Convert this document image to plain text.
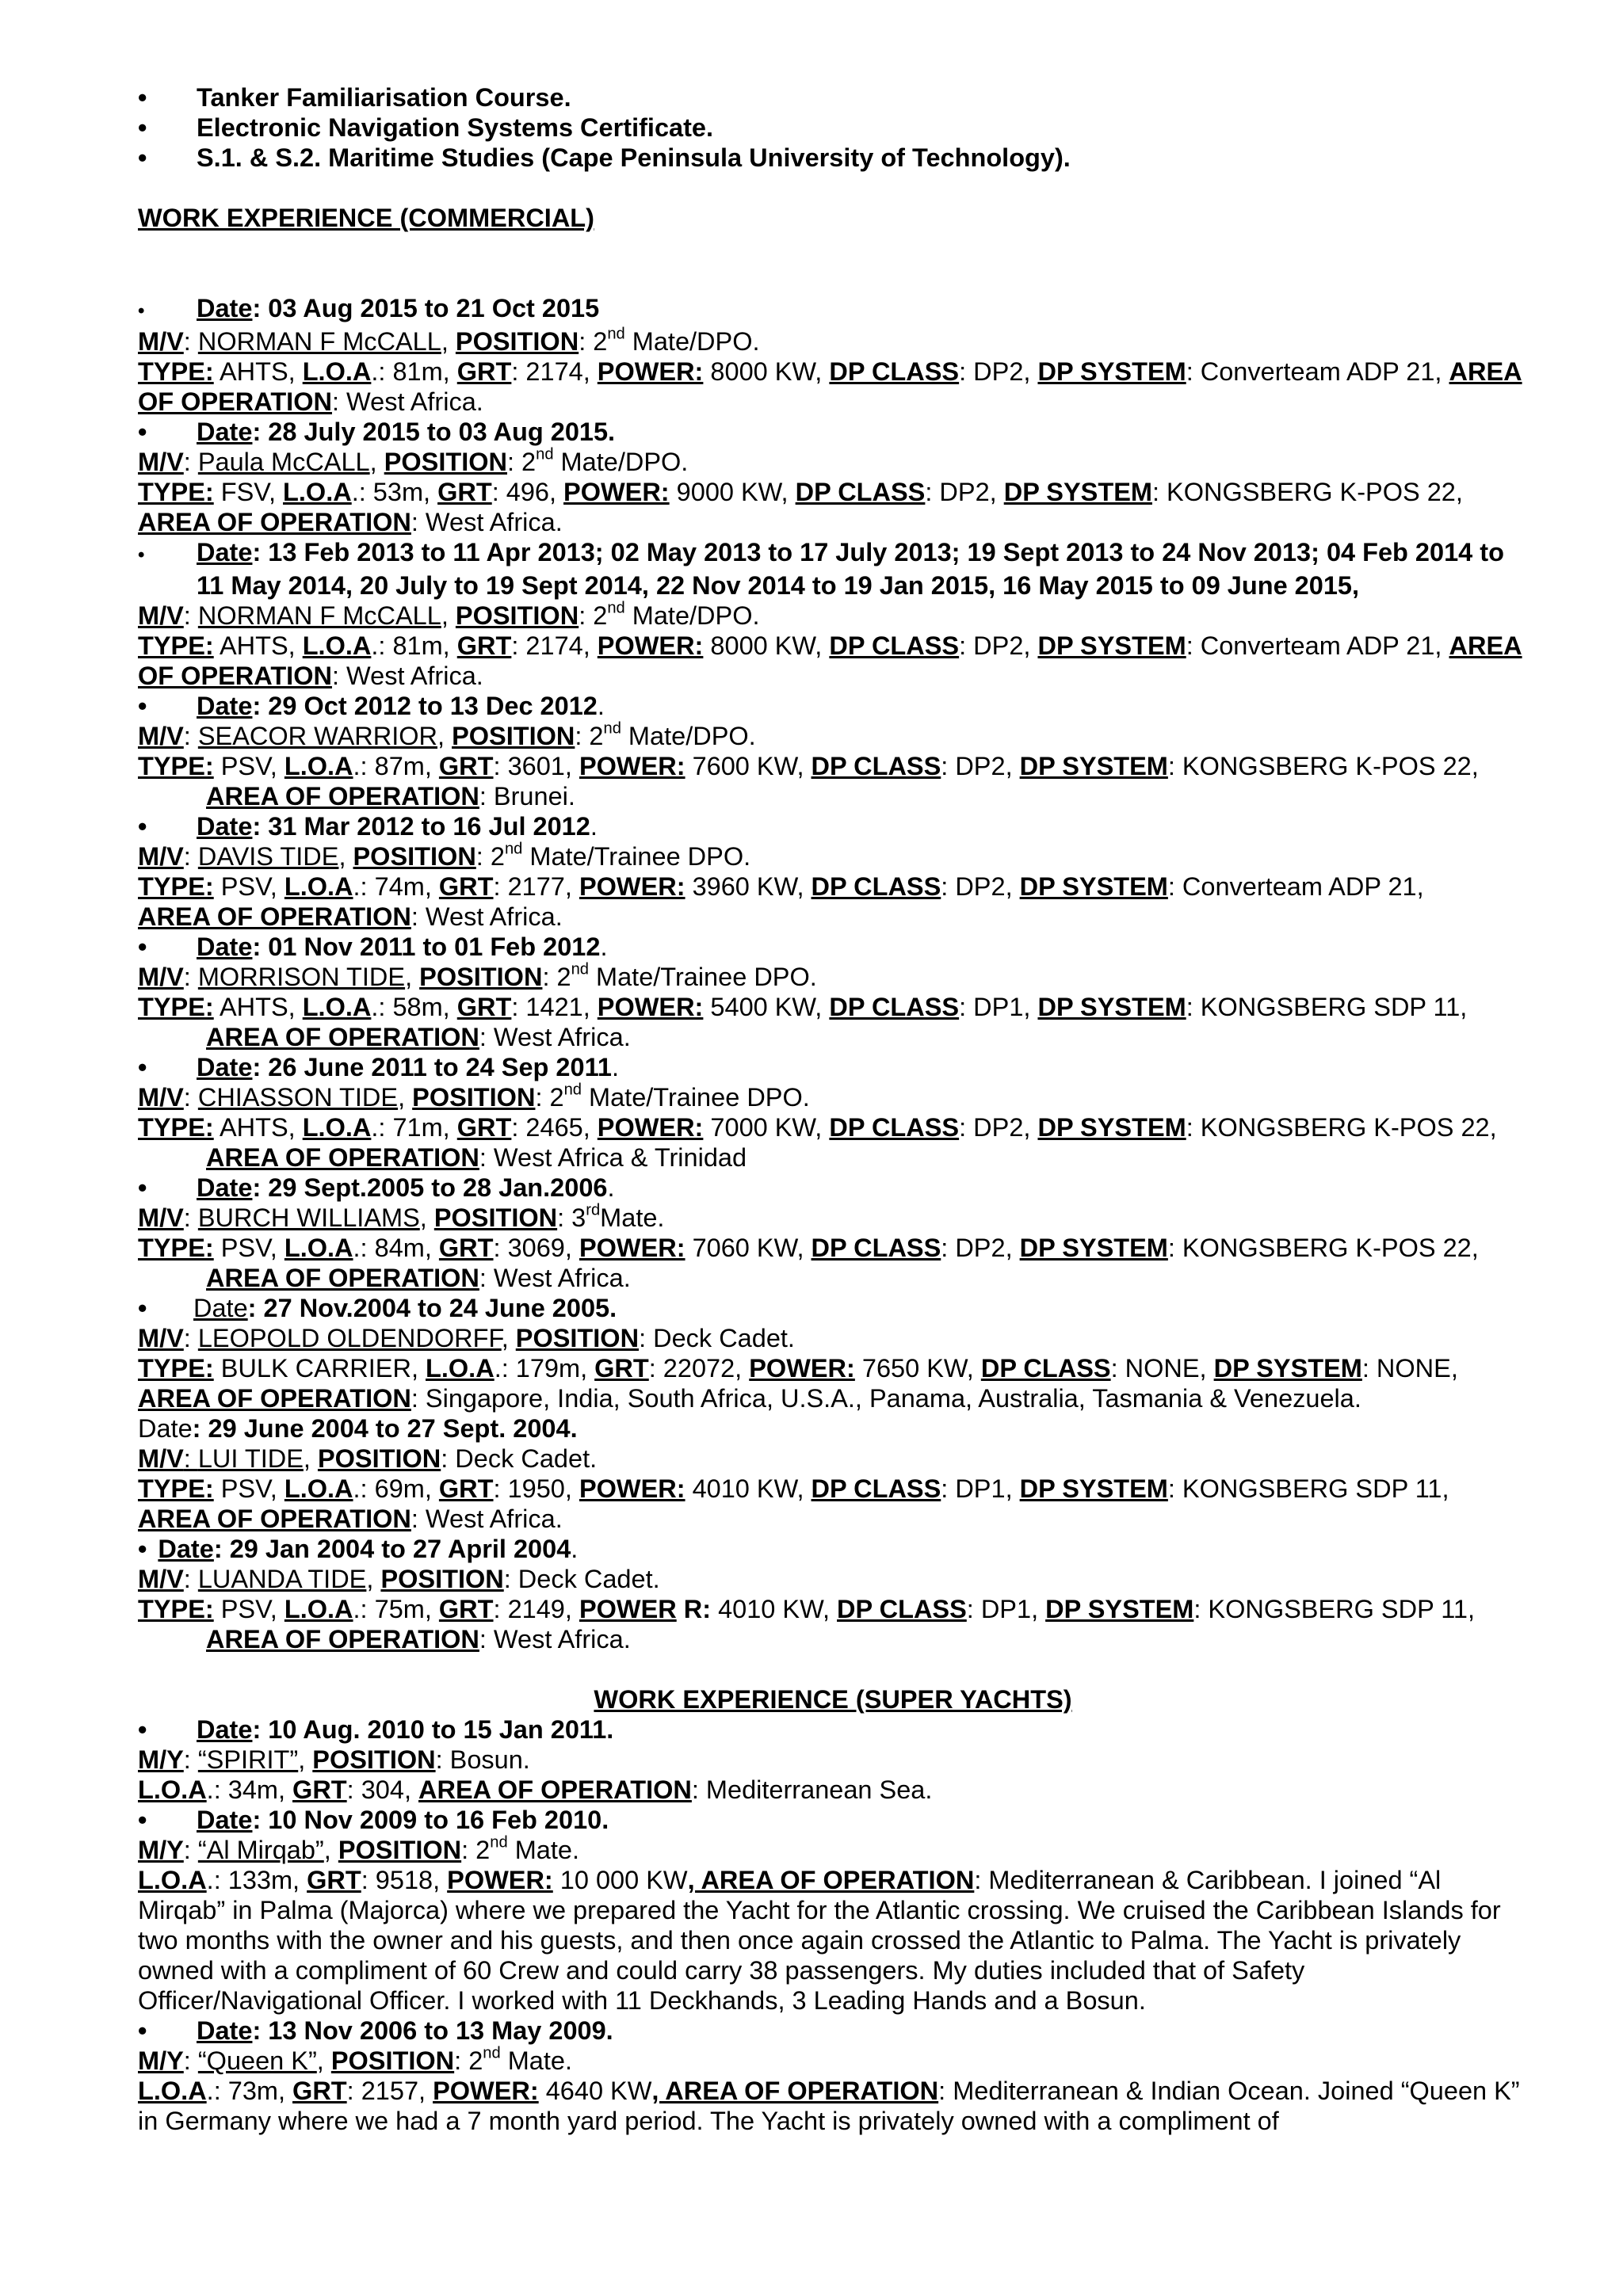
• Tanker Familiarisation Course.

• Electronic Navigation Systems Certificate.

• S.1. & S.2. Maritime Studies (Cape Peninsula University of Technology).

WORK EXPERIENCE (COMMERCIAL)

• Date: 03 Aug 2015 to 21 Oct 2015

M/V: NORMAN F McCALL, POSITION: 2nd Mate/DPO.

TYPE: AHTS, L.O.A.: 81m, GRT: 2174, POWER: 8000 KW, DP CLASS: DP2, DP SYSTEM: Converteam ADP 21, AREA OF OPERATION: West Africa.

• Date: 28 July 2015 to 03 Aug 2015.

M/V: Paula McCALL, POSITION: 2nd Mate/DPO.

TYPE: FSV, L.O.A.: 53m, GRT: 496, POWER: 9000 KW, DP CLASS: DP2, DP SYSTEM: KONGSBERG K-POS 22, AREA OF OPERATION: West Africa.

• Date: 13 Feb 2013 to 11 Apr 2013; 02 May 2013 to 17 July 2013; 19 Sept 2013 to 24 Nov 2013; 04 Feb 2014 to 11 May 2014, 20 July to 19 Sept 2014, 22 Nov 2014 to 19 Jan 2015, 16 May 2015 to 09 June 2015,

M/V: NORMAN F McCALL, POSITION: 2nd Mate/DPO.

TYPE: AHTS, L.O.A.: 81m, GRT: 2174, POWER: 8000 KW, DP CLASS: DP2, DP SYSTEM: Converteam ADP 21, AREA OF OPERATION: West Africa.

• Date: 29 Oct 2012 to 13 Dec 2012.

M/V: SEACOR WARRIOR, POSITION: 2nd Mate/DPO.

TYPE: PSV, L.O.A.: 87m, GRT: 3601, POWER: 7600 KW, DP CLASS: DP2, DP SYSTEM: KONGSBERG K-POS 22,AREA OF OPERATION: Brunei.

• Date: 31 Mar 2012 to 16 Jul 2012.

M/V: DAVIS TIDE, POSITION: 2nd Mate/Trainee DPO.

TYPE: PSV, L.O.A.: 74m, GRT: 2177, POWER: 3960 KW, DP CLASS: DP2, DP SYSTEM: Converteam ADP 21,AREA OF OPERATION: West Africa.

• Date: 01 Nov 2011 to 01 Feb 2012.

M/V: MORRISON TIDE, POSITION: 2nd Mate/Trainee DPO.

TYPE: AHTS, L.O.A.: 58m, GRT: 1421, POWER: 5400 KW, DP CLASS: DP1, DP SYSTEM: KONGSBERG SDP 11,AREA OF OPERATION: West Africa.

• Date: 26 June 2011 to 24 Sep 2011.

M/V: CHIASSON TIDE, POSITION: 2nd Mate/Trainee DPO.

TYPE: AHTS, L.O.A.: 71m, GRT: 2465, POWER: 7000 KW, DP CLASS: DP2, DP SYSTEM: KONGSBERG K-POS 22,AREA OF OPERATION: West Africa & Trinidad

• Date: 29 Sept.2005 to 28 Jan.2006.

M/V: BURCH WILLIAMS, POSITION: 3rdMate.

TYPE: PSV, L.O.A.: 84m, GRT: 3069, POWER: 7060 KW, DP CLASS: DP2, DP SYSTEM: KONGSBERG K-POS 22,AREA OF OPERATION: West Africa.

• Date: 27 Nov.2004 to 24 June 2005.

M/V: LEOPOLD OLDENDORFF, POSITION: Deck Cadet.

TYPE: BULK CARRIER, L.O.A.: 179m, GRT: 22072, POWER: 7650 KW, DP CLASS: NONE, DP SYSTEM: NONE,AREA OF OPERATION: Singapore, India, South Africa, U.S.A., Panama, Australia, Tasmania & Venezuela.

Date: 29 June 2004 to 27 Sept. 2004.

M/V: LUI TIDE, POSITION: Deck Cadet.

TYPE: PSV, L.O.A.: 69m, GRT: 1950, POWER: 4010 KW, DP CLASS: DP1, DP SYSTEM: KONGSBERG SDP 11,AREA OF OPERATION: West Africa.

• Date: 29 Jan 2004 to 27 April 2004.

M/V: LUANDA TIDE, POSITION: Deck Cadet.

TYPE: PSV, L.O.A.: 75m, GRT: 2149, POWER R: 4010 KW, DP CLASS: DP1, DP SYSTEM: KONGSBERG SDP 11,AREA OF OPERATION: West Africa.

WORK EXPERIENCE (SUPER YACHTS)

• Date: 10 Aug. 2010 to 15 Jan 2011.

M/Y: “SPIRIT”, POSITION: Bosun.

L.O.A.: 34m, GRT: 304, AREA OF OPERATION: Mediterranean Sea.

• Date: 10 Nov 2009 to 16 Feb 2010.

M/Y: “Al Mirqab”, POSITION: 2nd Mate.

L.O.A.: 133m, GRT: 9518, POWER: 10 000 KW, AREA OF OPERATION: Mediterranean & Caribbean. I joined “Al Mirqab” in Palma (Majorca) where we prepared the Yacht for the Atlantic crossing. We cruised the Caribbean Islands for two months with the owner and his guests, and then once again crossed the Atlantic to Palma. The Yacht is privately owned with a compliment of 60 Crew and could carry 38 passengers. My duties included that of Safety Officer/Navigational Officer. I worked with 11 Deckhands, 3 Leading Hands and a Bosun.

• Date: 13 Nov 2006 to 13 May 2009.

M/Y: “Queen K”, POSITION: 2nd Mate.

L.O.A.: 73m, GRT: 2157, POWER: 4640 KW, AREA OF OPERATION: Mediterranean & Indian Ocean. Joined “Queen K” in Germany where we had a 7 month yard period. The Yacht is privately owned with a compliment of
